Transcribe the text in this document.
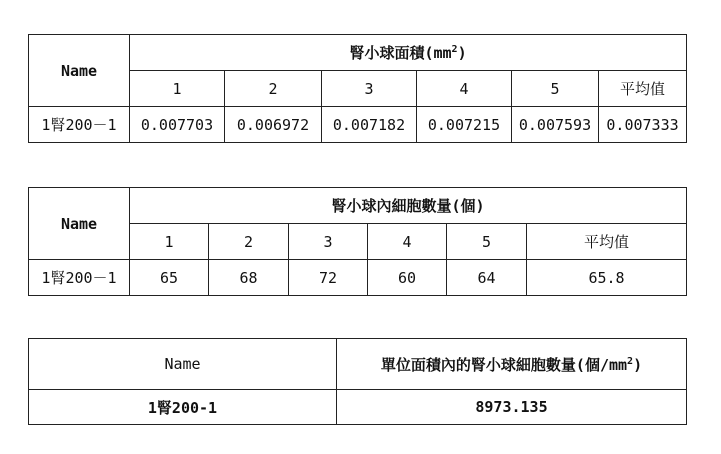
Name	腎小球面積$(mm^2)$					
	1	2	3	4	5	平均值
1腎200－1	0.007703	0.006972	0.007182	0.007215	0.007593	0.007333
Name	腎小球內細胞數量(個)					
	1	2	3	4	5	平均值
1腎200－1	65	68	72	60	64	65.8
Name	單位面積內的腎小球細胞數量(個$/mm^2$)
1腎200-1	8973.135
